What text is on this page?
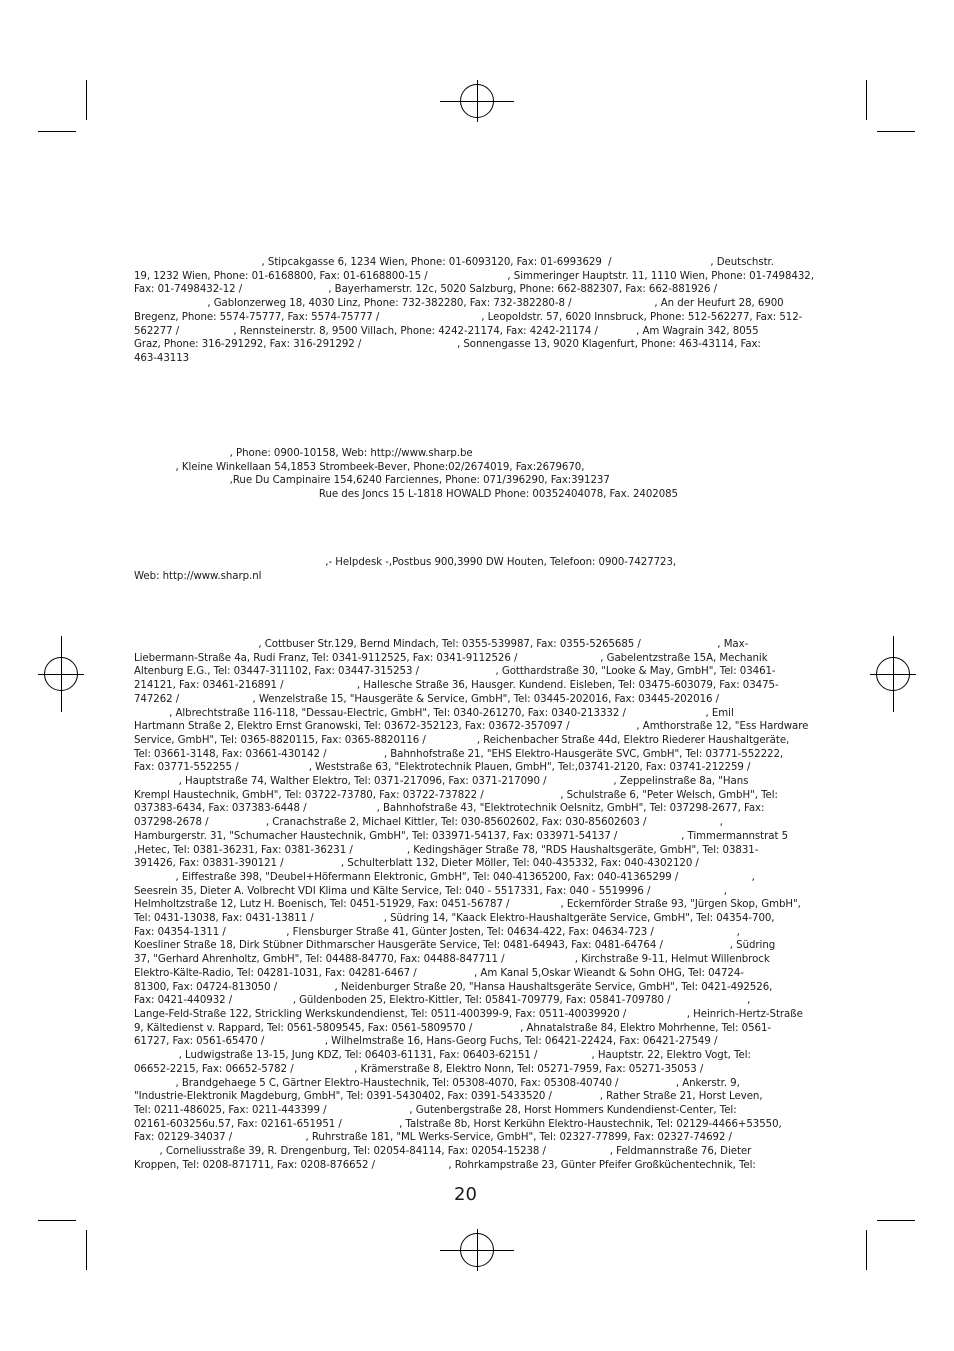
, Stipcakgasse 6, 1234 Wien, Phone: 01-6093120, Fax: 01-6993629  /                               , Deutschstr.
19, 1232 Wien, Phone: 01-6168800, Fax: 01-6168800-15 /                         , Simmeringer Hauptstr. 11, 1110 Wien, Phone: 01-7498432,
Fax: 01-7498432-12 /                           , Bayerhamerstr. 12c, 5020 Salzburg, Phone: 662-882307, Fax: 662-881926 /
, Gablonzerweg 18, 4030 Linz, Phone: 732-382280, Fax: 732-382280-8 /                          , An der Heufurt 28, 6900
Bregenz, Phone: 5574-75777, Fax: 5574-75777 /                                , Leopoldstr. 57, 6020 Innsbruck, Phone: 512-562277, Fax: 512-
562277 /                 , Rennsteinerstr. 8, 9500 Villach, Phone: 4242-21174, Fax: 4242-21174 /            , Am Wagrain 342, 8055
Graz, Phone: 316-291292, Fax: 316-291292 /                              , Sonnengasse 13, 9020 Klagenfurt, Phone: 463-43114, Fax:
463-43113
, Phone: 0900-10158, Web: http://www.sharp.be
, Kleine Winkellaan 54,1853 Strombeek-Bever, Phone:02/2674019, Fax:2679670,
,Rue Du Campinaire 154,6240 Farciennes, Phone: 071/396290, Fax:391237
Rue des Joncs 15 L-1818 HOWALD Phone: 00352404078, Fax. 2402085
,- Helpdesk -,Postbus 900,3990 DW Houten, Telefoon: 0900-7427723,
Web: http://www.sharp.nl
, Cottbuser Str.129, Bernd Mindach, Tel: 0355-539987, Fax: 0355-5265685 /                        , Max-
Liebermann-Straße 4a, Rudi Franz, Tel: 0341-9112525, Fax: 0341-9112526 /                          , Gabelentzstraße 15A, Mechanik
Altenburg E.G., Tel: 03447-311102, Fax: 03447-315253 /                        , Gotthardstraße 30, "Looke & May, GmbH", Tel: 03461-
214121, Fax: 03461-216891 /                       , Hallesche Straße 36, Hausger. Kundend. Eisleben, Tel: 03475-603079, Fax: 03475-
747262 /                       , Wenzelstraße 15, "Hausgeräte & Service, GmbH", Tel: 03445-202016, Fax: 03445-202016 /
, Albrechtstraße 116-118, "Dessau-Electric, GmbH", Tel: 0340-261270, Fax: 0340-213332 /                         , Emil
Hartmann Straße 2, Elektro Ernst Granowski, Tel: 03672-352123, Fax: 03672-357097 /                     , Amthorstraße 12, "Ess Hardware
Service, GmbH", Tel: 0365-8820115, Fax: 0365-8820116 /                , Reichenbacher Straße 44d, Elektro Riederer Haushaltgeräte,
Tel: 03661-3148, Fax: 03661-430142 /                  , Bahnhofstraße 21, "EHS Elektro-Hausgeräte SVC, GmbH", Tel: 03771-552222,
Fax: 03771-552255 /                      , Weststraße 63, "Elektrotechnik Plauen, GmbH", Tel:,03741-2120, Fax: 03741-212259 /
, Hauptstraße 74, Walther Elektro, Tel: 0371-217096, Fax: 0371-217090 /                     , Zeppelinstraße 8a, "Hans
Krempl Haustechnik, GmbH", Tel: 03722-73780, Fax: 03722-737822 /                        , Schulstraße 6, "Peter Welsch, GmbH", Tel:
037383-6434, Fax: 037383-6448 /                      , Bahnhofstraße 43, "Elektrotechnik Oelsnitz, GmbH", Tel: 037298-2677, Fax:
037298-2678 /                  , Cranachstraße 2, Michael Kittler, Tel: 030-85602602, Fax: 030-85602603 /                       ,
Hamburgerstr. 31, "Schumacher Haustechnik, GmbH", Tel: 033971-54137, Fax: 033971-54137 /                    , Timmermannstrat 5
,Hetec, Tel: 0381-36231, Fax: 0381-36231 /                 , Kedingshäger Straße 78, "RDS Haushaltsgeräte, GmbH", Tel: 03831-
391426, Fax: 03831-390121 /                  , Schulterblatt 132, Dieter Möller, Tel: 040-435332, Fax: 040-4302120 /
, Eiffestraße 398, "Deubel+Höfermann Elektronic, GmbH", Tel: 040-41365200, Fax: 040-41365299 /                       ,
Seesrein 35, Dieter A. Volbrecht VDI Klima und Kälte Service, Tel: 040 - 5517331, Fax: 040 - 5519996 /                       ,
Helmholtzstraße 12, Lutz H. Boenisch, Tel: 0451-51929, Fax: 0451-56787 /                , Eckernförder Straße 93, "Jürgen Skop, GmbH",
Tel: 0431-13038, Fax: 0431-13811 /                      , Südring 14, "Kaack Elektro-Haushaltgeräte Service, GmbH", Tel: 04354-700,
Fax: 04354-1311 /                   , Flensburger Straße 41, Günter Josten, Tel: 04634-422, Fax: 04634-723 /                          ,
Koesliner Straße 18, Dirk Stübner Dithmarscher Hausgeräte Service, Tel: 0481-64943, Fax: 0481-64764 /                     , Südring
37, "Gerhard Ahrenholtz, GmbH", Tel: 04488-84770, Fax: 04488-847711 /                      , Kirchstraße 9-11, Helmut Willenbrock
Elektro-Kälte-Radio, Tel: 04281-1031, Fax: 04281-6467 /                  , Am Kanal 5,Oskar Wieandt & Sohn OHG, Tel: 04724-
81300, Fax: 04724-813050 /                  , Neidenburger Straße 20, "Hansa Haushaltsgeräte Service, GmbH", Tel: 0421-492526,
Fax: 0421-440932 /                   , Güldenboden 25, Elektro-Kittler, Tel: 05841-709779, Fax: 05841-709780 /                        ,
Lange-Feld-Straße 122, Strickling Werkskundendienst, Tel: 0511-400399-9, Fax: 0511-40039920 /                   , Heinrich-Hertz-Straße
9, Kältedienst v. Rappard, Tel: 0561-5809545, Fax: 0561-5809570 /               , Ahnatalstraße 84, Elektro Mohrhenne, Tel: 0561-
61727, Fax: 0561-65470 /                   , Wilhelmstraße 16, Hans-Georg Fuchs, Tel: 06421-22424, Fax: 06421-27549 /
, Ludwigstraße 13-15, Jung KDZ, Tel: 06403-61131, Fax: 06403-62151 /                 , Hauptstr. 22, Elektro Vogt, Tel:
06652-2215, Fax: 06652-5782 /                   , Krämerstraße 8, Elektro Nonn, Tel: 05271-7959, Fax: 05271-35053 /
, Brandgehaege 5 C, Gärtner Elektro-Haustechnik, Tel: 05308-4070, Fax: 05308-40740 /                  , Ankerstr. 9,
"Industrie-Elektronik Magdeburg, GmbH", Tel: 0391-5430402, Fax: 0391-5433520 /               , Rather Straße 21, Horst Leven,
Tel: 0211-486025, Fax: 0211-443399 /                          , Gutenbergstraße 28, Horst Hommers Kundendienst-Center, Tel:
02161-603256u.57, Fax: 02161-651951 /                  , Talstraße 8b, Horst Kerkühn Elektro-Haustechnik, Tel: 02129-4466+53550,
Fax: 02129-34037 /                       , Ruhrstraße 181, "ML Werks-Service, GmbH", Tel: 02327-77899, Fax: 02327-74692 /
, Corneliusstraße 39, R. Drengenburg, Tel: 02054-84114, Fax: 02054-15238 /                    , Feldmannstraße 76, Dieter
Kroppen, Tel: 0208-871711, Fax: 0208-876652 /                       , Rohrkampstraße 23, Günter Pfeifer Großküchentechnik, Tel:
20
